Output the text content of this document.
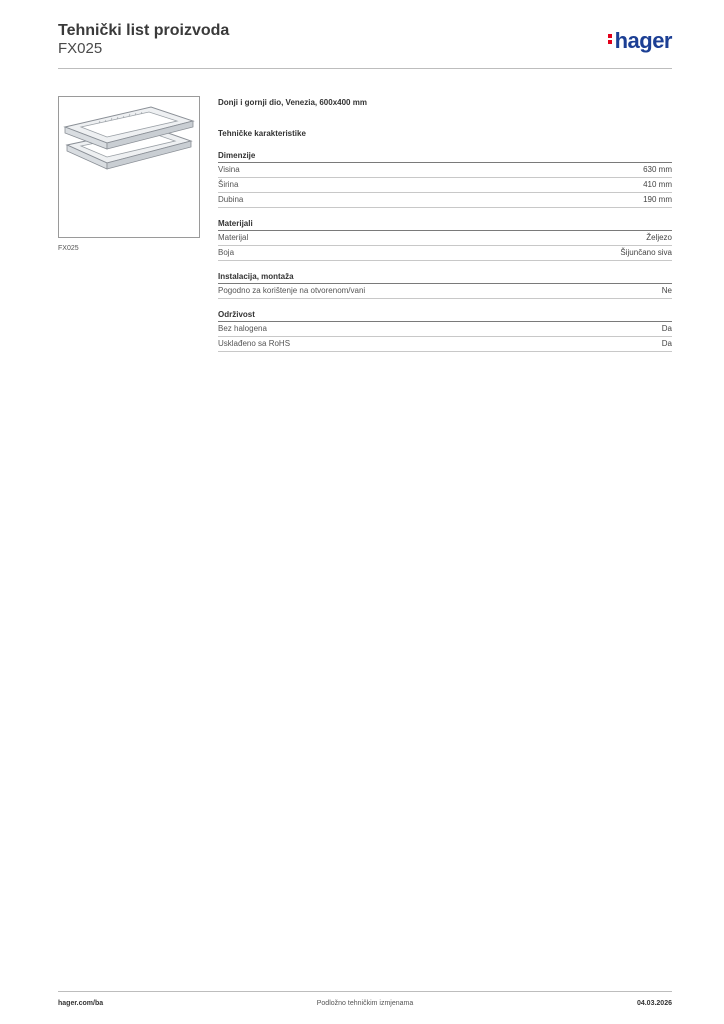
Tehnički list proizvoda
FX025	hager
FX025
Donji i gornji dio, Venezia, 600x400 mm
Tehničke karakteristike
Dimenzije
Visina	630 mm
Širina	410 mm
Dubina	190 mm
Materijali
Materijal	Željezo
Boja	Šijunčano siva
Instalacija, montaža
Pogodno za korištenje na otvorenom/vani	Ne
Održivost
Bez halogena	Da
Usklađeno sa RoHS	Da
hager.com/ba	Podložno tehničkim izmjenama	04.03.2026
